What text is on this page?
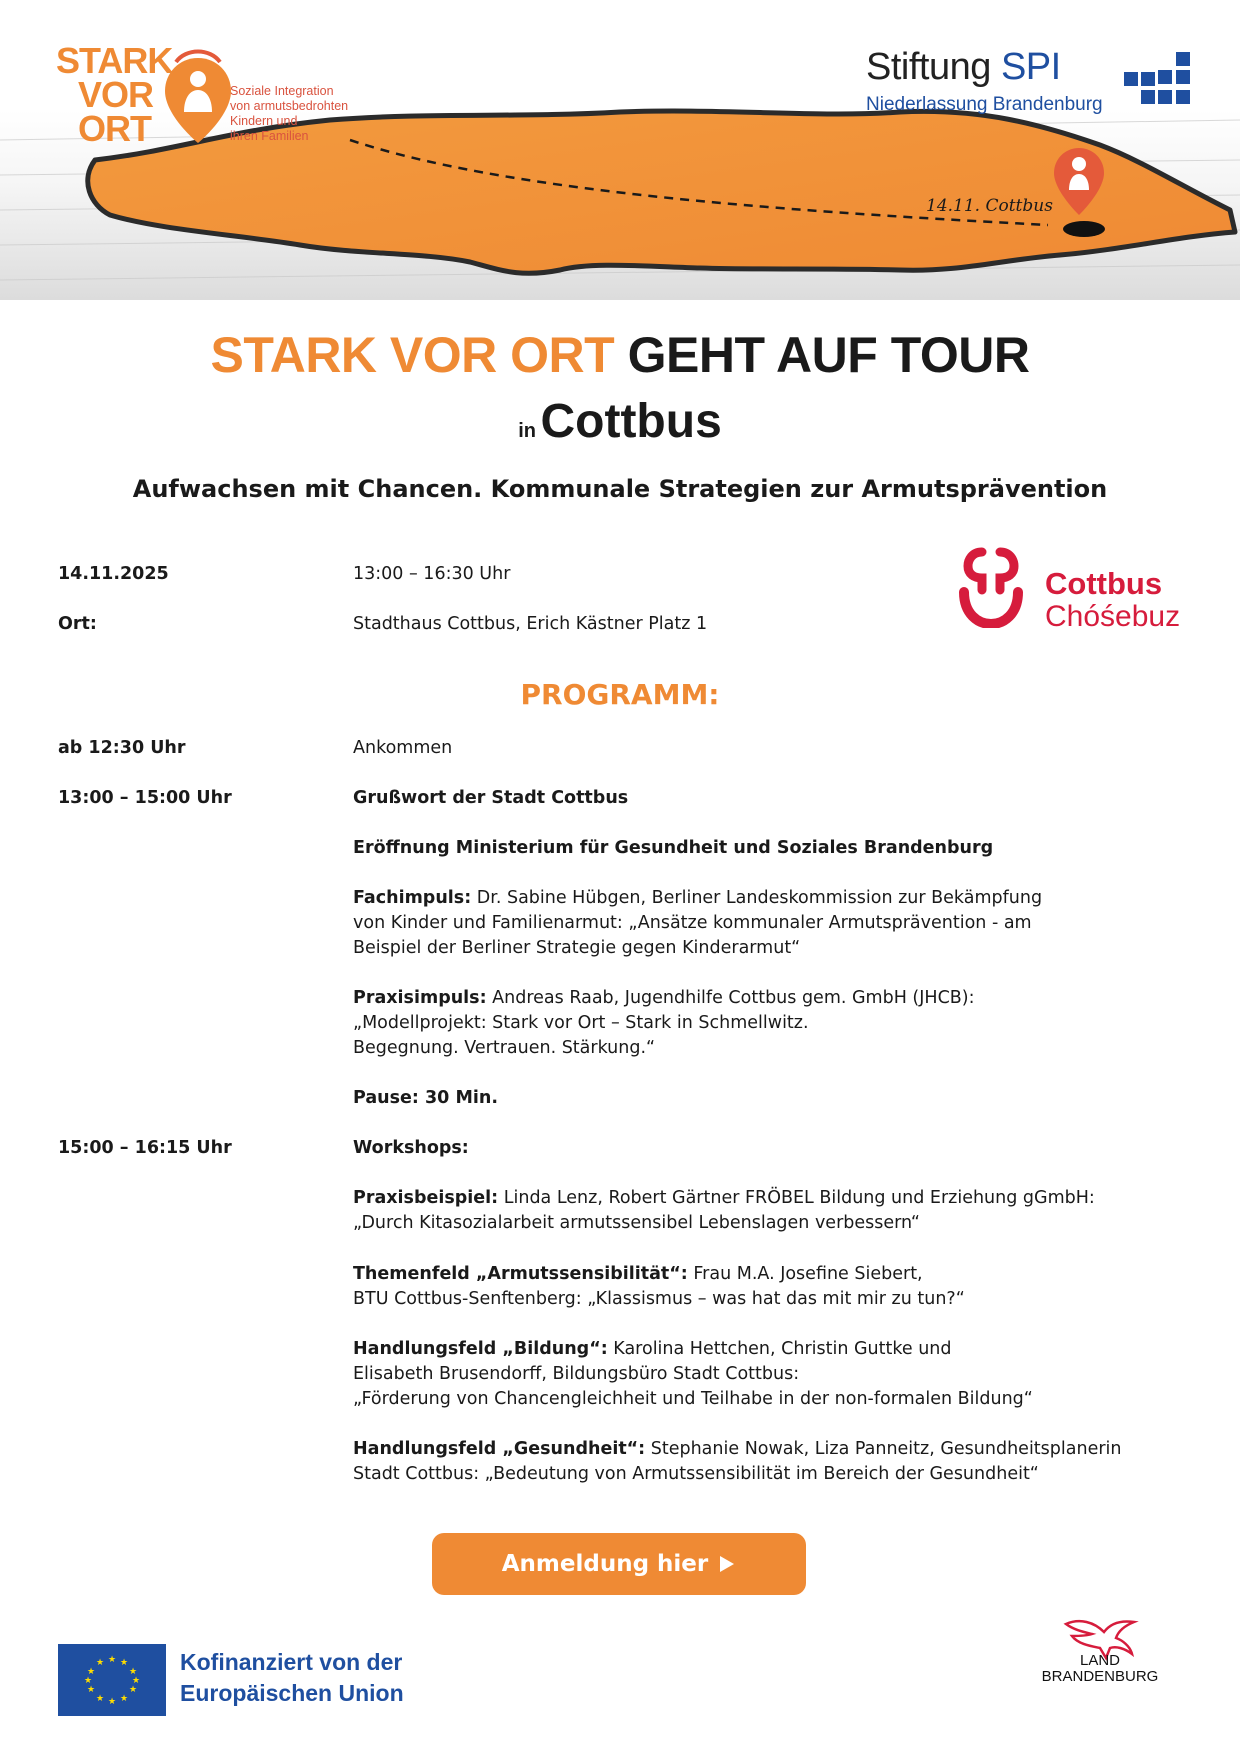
STARK
VOR
ORT
Soziale Integration
von armutsbedrohten
Kindern und
ihren Familien
Stiftung SPI
Niederlassung Brandenburg
14.11. Cottbus
STARK VOR ORT GEHT AUF TOUR
in Cottbus
Aufwachsen mit Chancen. Kommunale Strategien zur Armutsprävention
14.11.2025	13:00 – 16:30 Uhr
Ort:	Stadthaus Cottbus, Erich Kästner Platz 1
Cottbus
Chóśebuz
PROGRAMM:
ab 12:30 Uhr	Ankommen
13:00 – 15:00 Uhr	Grußwort der Stadt Cottbus
Eröffnung Ministerium für Gesundheit und Soziales Brandenburg
Fachimpuls: Dr. Sabine Hübgen, Berliner Landeskommission zur Bekämpfung
von Kinder und Familienarmut: „Ansätze kommunaler Armutsprävention - am
Beispiel der Berliner Strategie gegen Kinderarmut“
Praxisimpuls: Andreas Raab, Jugendhilfe Cottbus gem. GmbH (JHCB):
„Modellprojekt: Stark vor Ort – Stark in Schmellwitz.
Begegnung. Vertrauen. Stärkung.“
Pause: 30 Min.
15:00 – 16:15 Uhr	Workshops:
Praxisbeispiel: Linda Lenz, Robert Gärtner FRÖBEL Bildung und Erziehung gGmbH:
„Durch Kitasozialarbeit armutssensibel Lebenslagen verbessern“
Themenfeld „Armutssensibilität“: Frau M.A. Josefine Siebert,
BTU Cottbus-Senftenberg: „Klassismus – was hat das mit mir zu tun?“
Handlungsfeld „Bildung“: Karolina Hettchen, Christin Guttke und
Elisabeth Brusendorff, Bildungsbüro Stadt Cottbus:
„Förderung von Chancengleichheit und Teilhabe in der non-formalen Bildung“
Handlungsfeld „Gesundheit“: Stephanie Nowak, Liza Panneitz, Gesundheitsplanerin
Stadt Cottbus: „Bedeutung von Armutssensibilität im Bereich der Gesundheit“
Anmeldung hier
★ ★
★
★
★
★
★
★
★
★
★
★	Kofinanziert von der
Europäischen Union
LAND
BRANDENBURG
